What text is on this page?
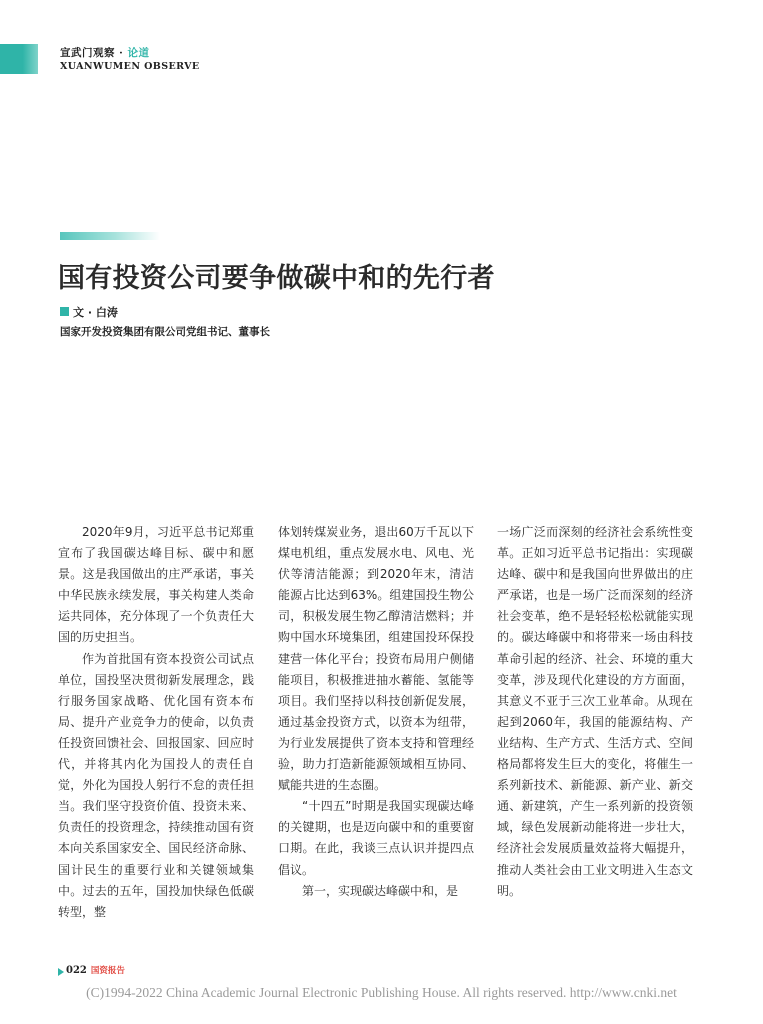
宣武门观察 · 论道
XUANWUMEN OBSERVE
国有投资公司要争做碳中和的先行者
文 · 白涛
国家开发投资集团有限公司党组书记、董事长

2020年9月，习近平总书记郑重宣布了我国碳达峰目标、碳中和愿景。这是我国做出的庄严承诺，事关中华民族永续发展，事关构建人类命运共同体，充分体现了一个负责任大国的历史担当。

作为首批国有资本投资公司试点单位，国投坚决贯彻新发展理念，践行服务国家战略、优化国有资本布局、提升产业竞争力的使命，以负责任投资回馈社会、回报国家、回应时代，并将其内化为国投人的责任自觉，外化为国投人躬行不怠的责任担当。我们坚守投资价值、投资未来、负责任的投资理念，持续推动国有资本向关系国家安全、国民经济命脉、国计民生的重要行业和关键领域集中。过去的五年，国投加快绿色低碳转型，整

体划转煤炭业务，退出60万千瓦以下煤电机组，重点发展水电、风电、光伏等清洁能源；到2020年末，清洁能源占比达到63%。组建国投生物公司，积极发展生物乙醇清洁燃料；并购中国水环境集团，组建国投环保投建营一体化平台；投资布局用户侧储能项目，积极推进抽水蓄能、氢能等项目。我们坚持以科技创新促发展，通过基金投资方式，以资本为纽带，为行业发展提供了资本支持和管理经验，助力打造新能源领域相互协同、赋能共进的生态圈。

“十四五”时期是我国实现碳达峰的关键期，也是迈向碳中和的重要窗口期。在此，我谈三点认识并提四点倡议。

第一，实现碳达峰碳中和，是

一场广泛而深刻的经济社会系统性变革。正如习近平总书记指出：实现碳达峰、碳中和是我国向世界做出的庄严承诺，也是一场广泛而深刻的经济社会变革，绝不是轻轻松松就能实现的。碳达峰碳中和将带来一场由科技革命引起的经济、社会、环境的重大变革，涉及现代化建设的方方面面，其意义不亚于三次工业革命。从现在起到2060年，我国的能源结构、产业结构、生产方式、生活方式、空间格局都将发生巨大的变化，将催生一系列新技术、新能源、新产业、新交通、新建筑，产生一系列新的投资领域，绿色发展新动能将进一步壮大，经济社会发展质量效益将大幅提升，推动人类社会由工业文明进入生态文明。

022 国资报告
(C)1994-2022 China Academic Journal Electronic Publishing House. All rights reserved. http://www.cnki.net
